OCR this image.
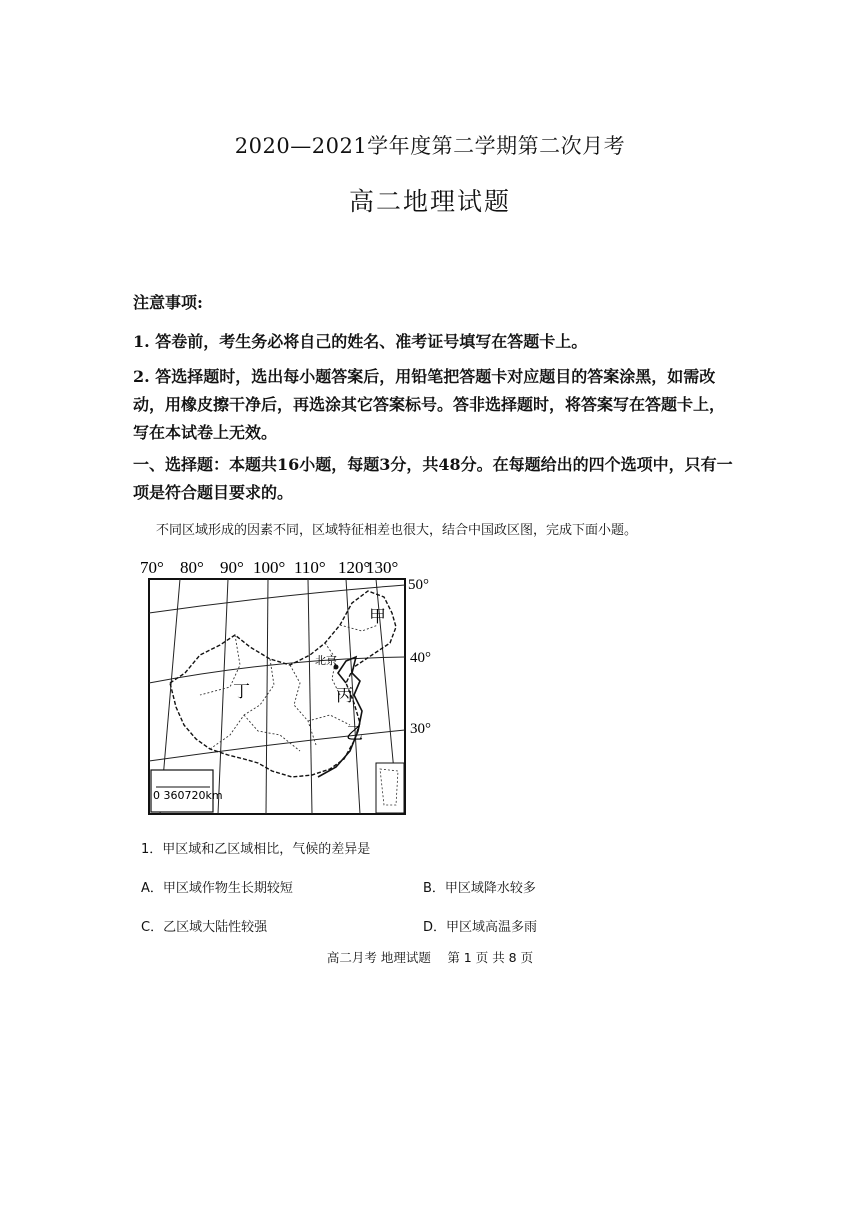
2020—2021学年度第二学期第二次月考
高二地理试题
注意事项:
1. 答卷前，考生务必将自己的姓名、准考证号填写在答题卡上。
2. 答选择题时，选出每小题答案后，用铅笔把答题卡对应题目的答案涂黑，如需改动，用橡皮擦干净后，再选涂其它答案标号。答非选择题时，将答案写在答题卡上，写在本试卷上无效。
一、选择题：本题共16小题，每题3分，共48分。在每题给出的四个选项中，只有一项是符合题目要求的。
不同区域形成的因素不同，区域特征相差也很大，结合中国政区图，完成下面小题。
70° 80° 90° 100° 110° 120°
130°
50°
40°
30°
0 360720km
北京
甲
丁	丙
乙
1．甲区域和乙区域相比，气候的差异是
A．甲区域作物生长期较短	B．甲区域降水较多
C．乙区域大陆性较强	D．甲区域高温多雨
高二月考 地理试题　 第 1 页 共 8 页
